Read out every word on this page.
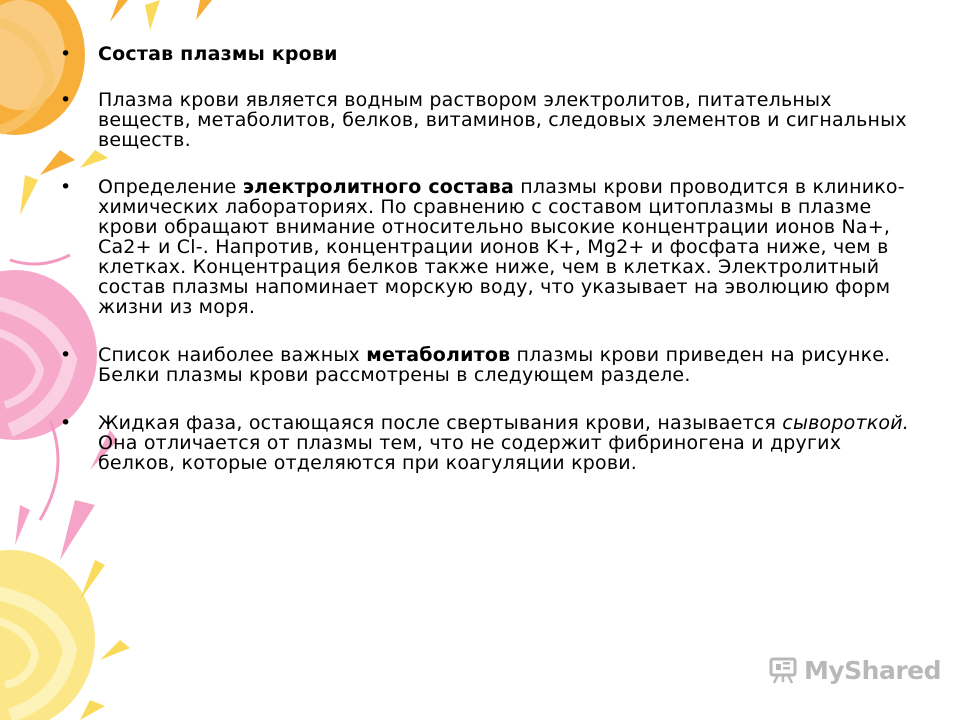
•	Состав плазмы крови
•	Плазма крови является водным раствором электролитов, питательных веществ, метаболитов, белков, витаминов, следовых элементов и сигнальных веществ.
•	Определение электролитного состава плазмы крови проводится в клинико-химических лабораториях. По сравнению с составом цитоплазмы в плазме крови обращают внимание относительно высокие концентрации ионов Na+, Ca2+ и Cl-. Напротив, концентрации ионов K+, Mg2+ и фосфата ниже, чем в клетках. Концентрация белков также ниже, чем в клетках. Электролитный состав плазмы напоминает морскую воду, что указывает на эволюцию форм жизни из моря.
•	Список наиболее важных метаболитов плазмы крови приведен на рисунке. Белки плазмы крови рассмотрены в следующем разделе.
•	Жидкая фаза, остающаяся после свертывания крови, называется сывороткой. Она отличается от плазмы тем, что не содержит фибриногена и других белков, которые отделяются при коагуляции крови.
MyShared
